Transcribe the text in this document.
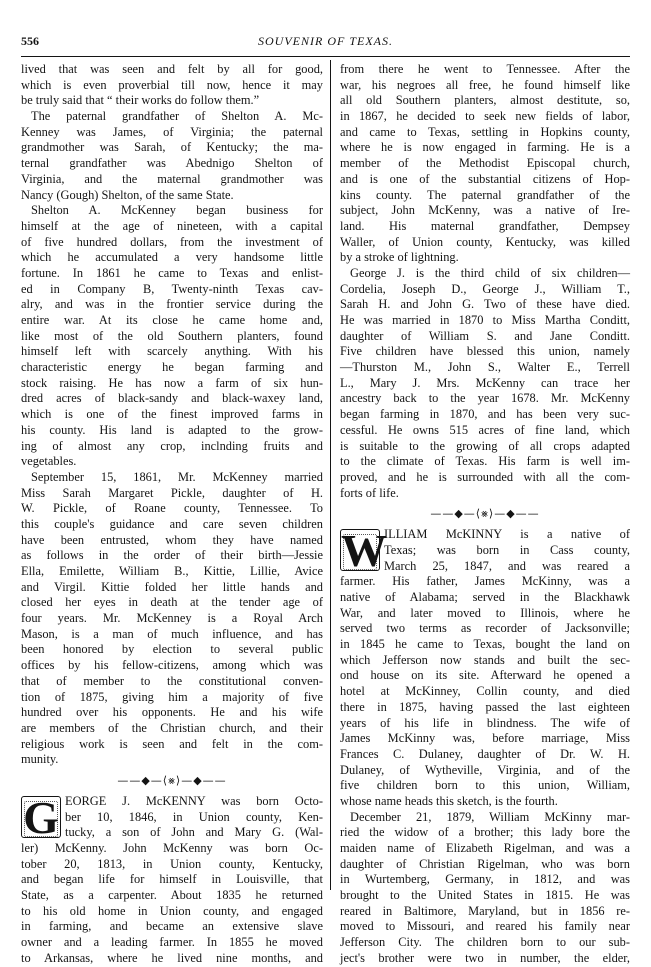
556	SOUVENIR OF TEXAS.
lived that was seen and felt by all for good,
which is even proverbial till now, hence it may
be truly said that “ their works do follow them.”
The paternal grandfather of Shelton A. Mc-
Kenney was James, of Virginia; the paternal
grandmother was Sarah, of Kentucky; the ma-
ternal grandfather was Abednigo Shelton of
Virginia, and the maternal grandmother was
Nancy (Gough) Shelton, of the same State.
Shelton A. McKenney began business for
himself at the age of nineteen, with a capital
of five hundred dollars, from the investment of
which he accumulated a very handsome little
fortune. In 1861 he came to Texas and enlist-
ed in Company B, Twenty-ninth Texas cav-
alry, and was in the frontier service during the
entire war. At its close he came home and,
like most of the old Southern planters, found
himself left with scarcely anything. With his
characteristic energy he began farming and
stock raising. He has now a farm of six hun-
dred acres of black-sandy and black-waxey land,
which is one of the finest improved farms in
his county. His land is adapted to the grow-
ing of almost any crop, inclnding fruits and
vegetables.
September 15, 1861, Mr. McKenney married
Miss Sarah Margaret Pickle, daughter of H.
W. Pickle, of Roane county, Tennessee. To
this couple's guidance and care seven children
have been entrusted, whom they have named
as follows in the order of their birth—Jessie
Ella, Emilette, William B., Kittie, Lillie, Avice
and Virgil. Kittie folded her little hands and
closed her eyes in death at the tender age of
four years. Mr. McKenney is a Royal Arch
Mason, is a man of much influence, and has
been honored by election to several public
offices by his fellow-citizens, among which was
that of member to the constitutional conven-
tion of 1875, giving him a majority of five
hundred over his opponents. He and his wife
are members of the Christian church, and their
religious work is seen and felt in the com-
munity.
——◆—⟨⨳⟩—◆——
G EORGE J. McKENNY was born Octo-
ber 10, 1846, in Union county, Ken-
tucky, a son of John and Mary G. (Wal-
ler) McKenny. John McKenny was born Oc-
tober 20, 1813, in Union county, Kentucky,
and began life for himself in Louisville, that
State, as a carpenter. About 1835 he returned
to his old home in Union county, and engaged
in farming, and became an extensive slave
owner and a leading farmer. In 1855 he moved
to Arkansas, where he lived nine months, and
from there he went to Tennessee. After the
war, his negroes all free, he found himself like
all old Southern planters, almost destitute, so,
in 1867, he decided to seek new fields of labor,
and came to Texas, settling in Hopkins county,
where he is now engaged in farming. He is a
member of the Methodist Episcopal church,
and is one of the substantial citizens of Hop-
kins county. The paternal grandfather of the
subject, John McKenny, was a native of Ire-
land. His maternal grandfather, Dempsey
Waller, of Union county, Kentucky, was killed
by a stroke of lightning.
George J. is the third child of six children—
Cordelia, Joseph D., George J., William T.,
Sarah H. and John G. Two of these have died.
He was married in 1870 to Miss Martha Conditt,
daughter of William S. and Jane Conditt.
Five children have blessed this union, namely
—Thurston M., John S., Walter E., Terrell
L., Mary J. Mrs. McKenny can trace her
ancestry back to the year 1678. Mr. McKenny
began farming in 1870, and has been very suc-
cessful. He owns 515 acres of fine land, which
is suitable to the growing of all crops adapted
to the climate of Texas. His farm is well im-
proved, and he is surrounded with all the com-
forts of life.
——◆—⟨⨳⟩—◆——
W
ILLIAM McKINNY is a native of
Texas; was born in Cass county,
March 25, 1847, and was reared a
farmer. His father, James McKinny, was a
native of Alabama; served in the Blackhawk
War, and later moved to Illinois, where he
served two terms as recorder of Jacksonville;
in 1845 he came to Texas, bought the land on
which Jefferson now stands and built the sec-
ond house on its site. Afterward he opened a
hotel at McKinney, Collin county, and died
there in 1875, having passed the last eighteen
years of his life in blindness. The wife of
James McKinny was, before marriage, Miss
Frances C. Dulaney, daughter of Dr. W. H.
Dulaney, of Wytheville, Virginia, and of the
five children born to this union, William,
whose name heads this sketch, is the fourth.
December 21, 1879, William McKinny mar-
ried the widow of a brother; this lady bore the
maiden name of Elizabeth Rigelman, and was a
daughter of Christian Rigelman, who was born
in Wurtemberg, Germany, in 1812, and was
brought to the United States in 1815. He was
reared in Baltimore, Maryland, but in 1856 re-
moved to Missouri, and reared his family near
Jefferson City. The children born to our sub-
ject's brother were two in number, the elder,
